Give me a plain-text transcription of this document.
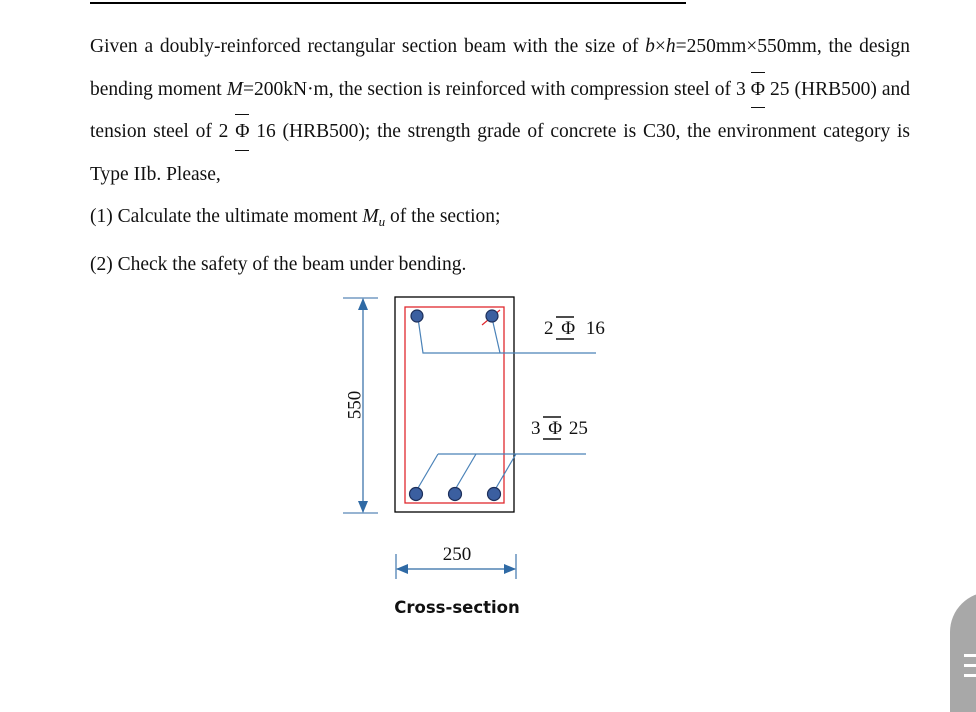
Given a doubly-reinforced rectangular section beam with the size of b×h=250mm×550mm, the design bending moment M=200kN·m, the section is reinforced with compression steel of 3 Φ 25 (HRB500) and tension steel of 2 Φ 16 (HRB500); the strength grade of concrete is C30, the environment category is Type IIb. Please,

(1) Calculate the ultimate moment $M_u$ of the section;

(2) Check the safety of the beam under bending.

550
250
2 Φ 16
3 Φ 25
Cross-section
